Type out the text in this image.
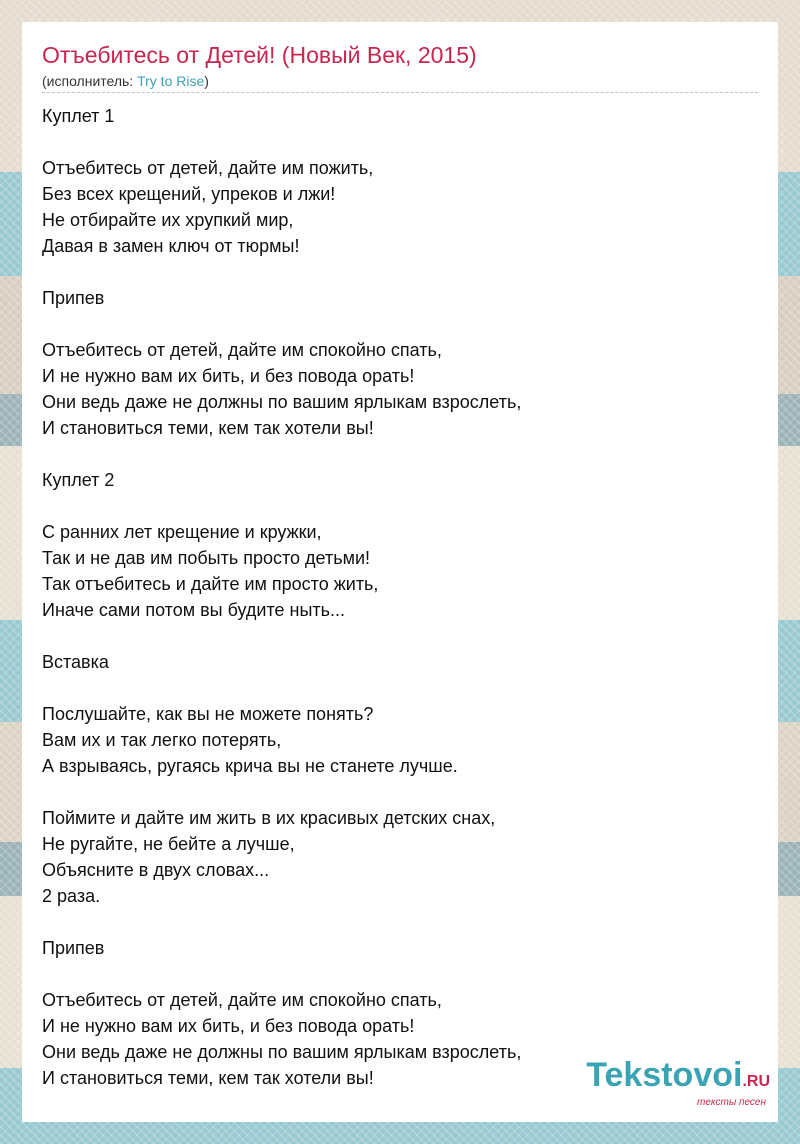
Отъебитесь от Детей! (Новый Век, 2015)
(исполнитель: Try to Rise)
Куплет 1
Отъебитесь от детей, дайте им пожить,
Без всех крещений, упреков и лжи!
Не отбирайте их хрупкий мир,
Давая в замен ключ от тюрмы!
Припев
Отъебитесь от детей, дайте им спокойно спать,
И не нужно вам их бить, и без повода орать!
Они ведь даже не должны по вашим ярлыкам взрослеть,
И становиться теми, кем так хотели вы!
Куплет 2
С ранних лет крещение и кружки,
Так и не дав им побыть просто детьми!
Так отъебитесь и дайте им просто жить,
Иначе сами потом вы будите ныть...
Вставка
Послушайте, как вы не можете понять?
Вам их и так легко потерять,
А взрываясь, ругаясь крича вы не станете лучше.
Поймите и дайте им жить в их красивых детских снах,
Не ругайте, не бейте а лучше,
Объясните в двух словах...
2 раза.
Припев
Отъебитесь от детей, дайте им спокойно спать,
И не нужно вам их бить, и без повода орать!
Они ведь даже не должны по вашим ярлыкам взрослеть,
И становиться теми, кем так хотели вы!	Tekstovoi.RU
тексты песен
